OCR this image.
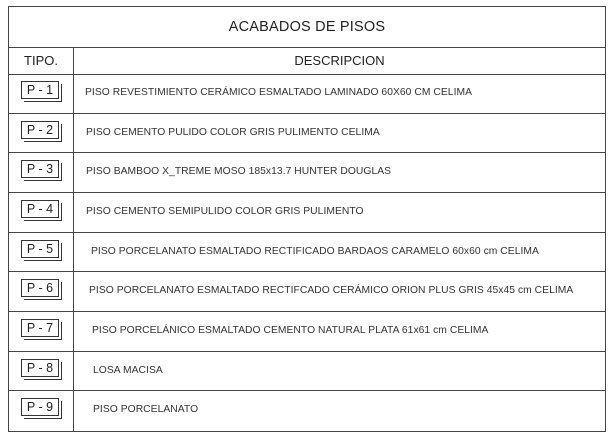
ACABADOS DE PISOS
TIPO.	DESCRIPCION
P - 1	PISO REVESTIMIENTO CERÁMICO ESMALTADO LAMINADO 60X60 CM CELIMA
P - 2	PISO CEMENTO PULIDO COLOR GRIS PULIMENTO CELIMA
P - 3	PISO BAMBOO X_TREME MOSO 185x13.7 HUNTER DOUGLAS
P - 4	PISO CEMENTO SEMIPULIDO COLOR GRIS PULIMENTO
P - 5	PISO PORCELANATO ESMALTADO RECTIFICADO BARDAOS CARAMELO 60x60 cm CELIMA
P - 6	PISO PORCELANATO ESMALTADO RECTIFCADO CERÁMICO ORION PLUS GRIS 45x45 cm CELIMA
P - 7	PISO PORCELÁNICO ESMALTADO CEMENTO NATURAL PLATA 61x61 cm CELIMA
P - 8	LOSA MACISA
P - 9	PISO PORCELANATO
